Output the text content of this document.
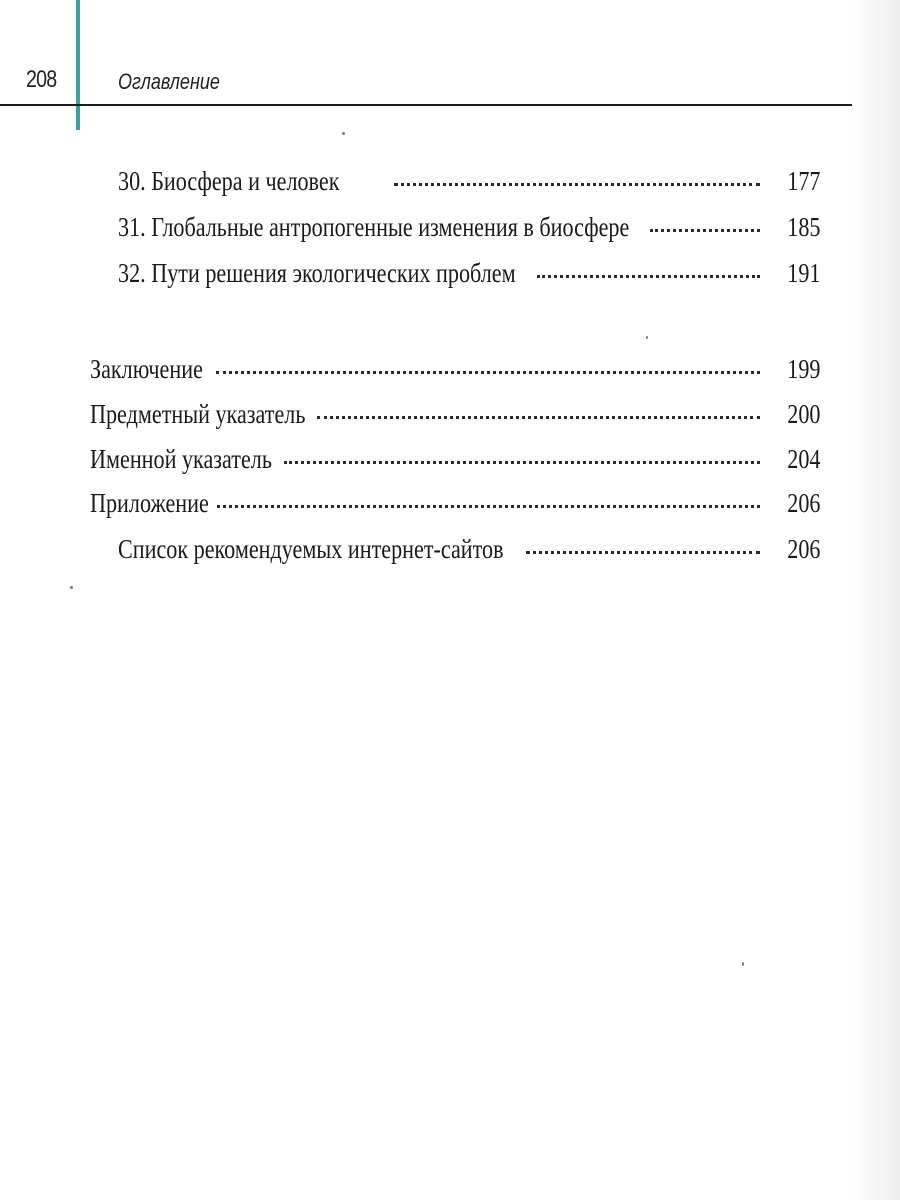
208	Оглавление
30. Биосфера и человек	177
31. Глобальные антропогенные изменения в биосфере	185
32. Пути решения экологических проблем	191
Заключение	199
Предметный указатель	200
Именной указатель	204
Приложение	206
Список рекомендуемых интернет-сайтов	206
